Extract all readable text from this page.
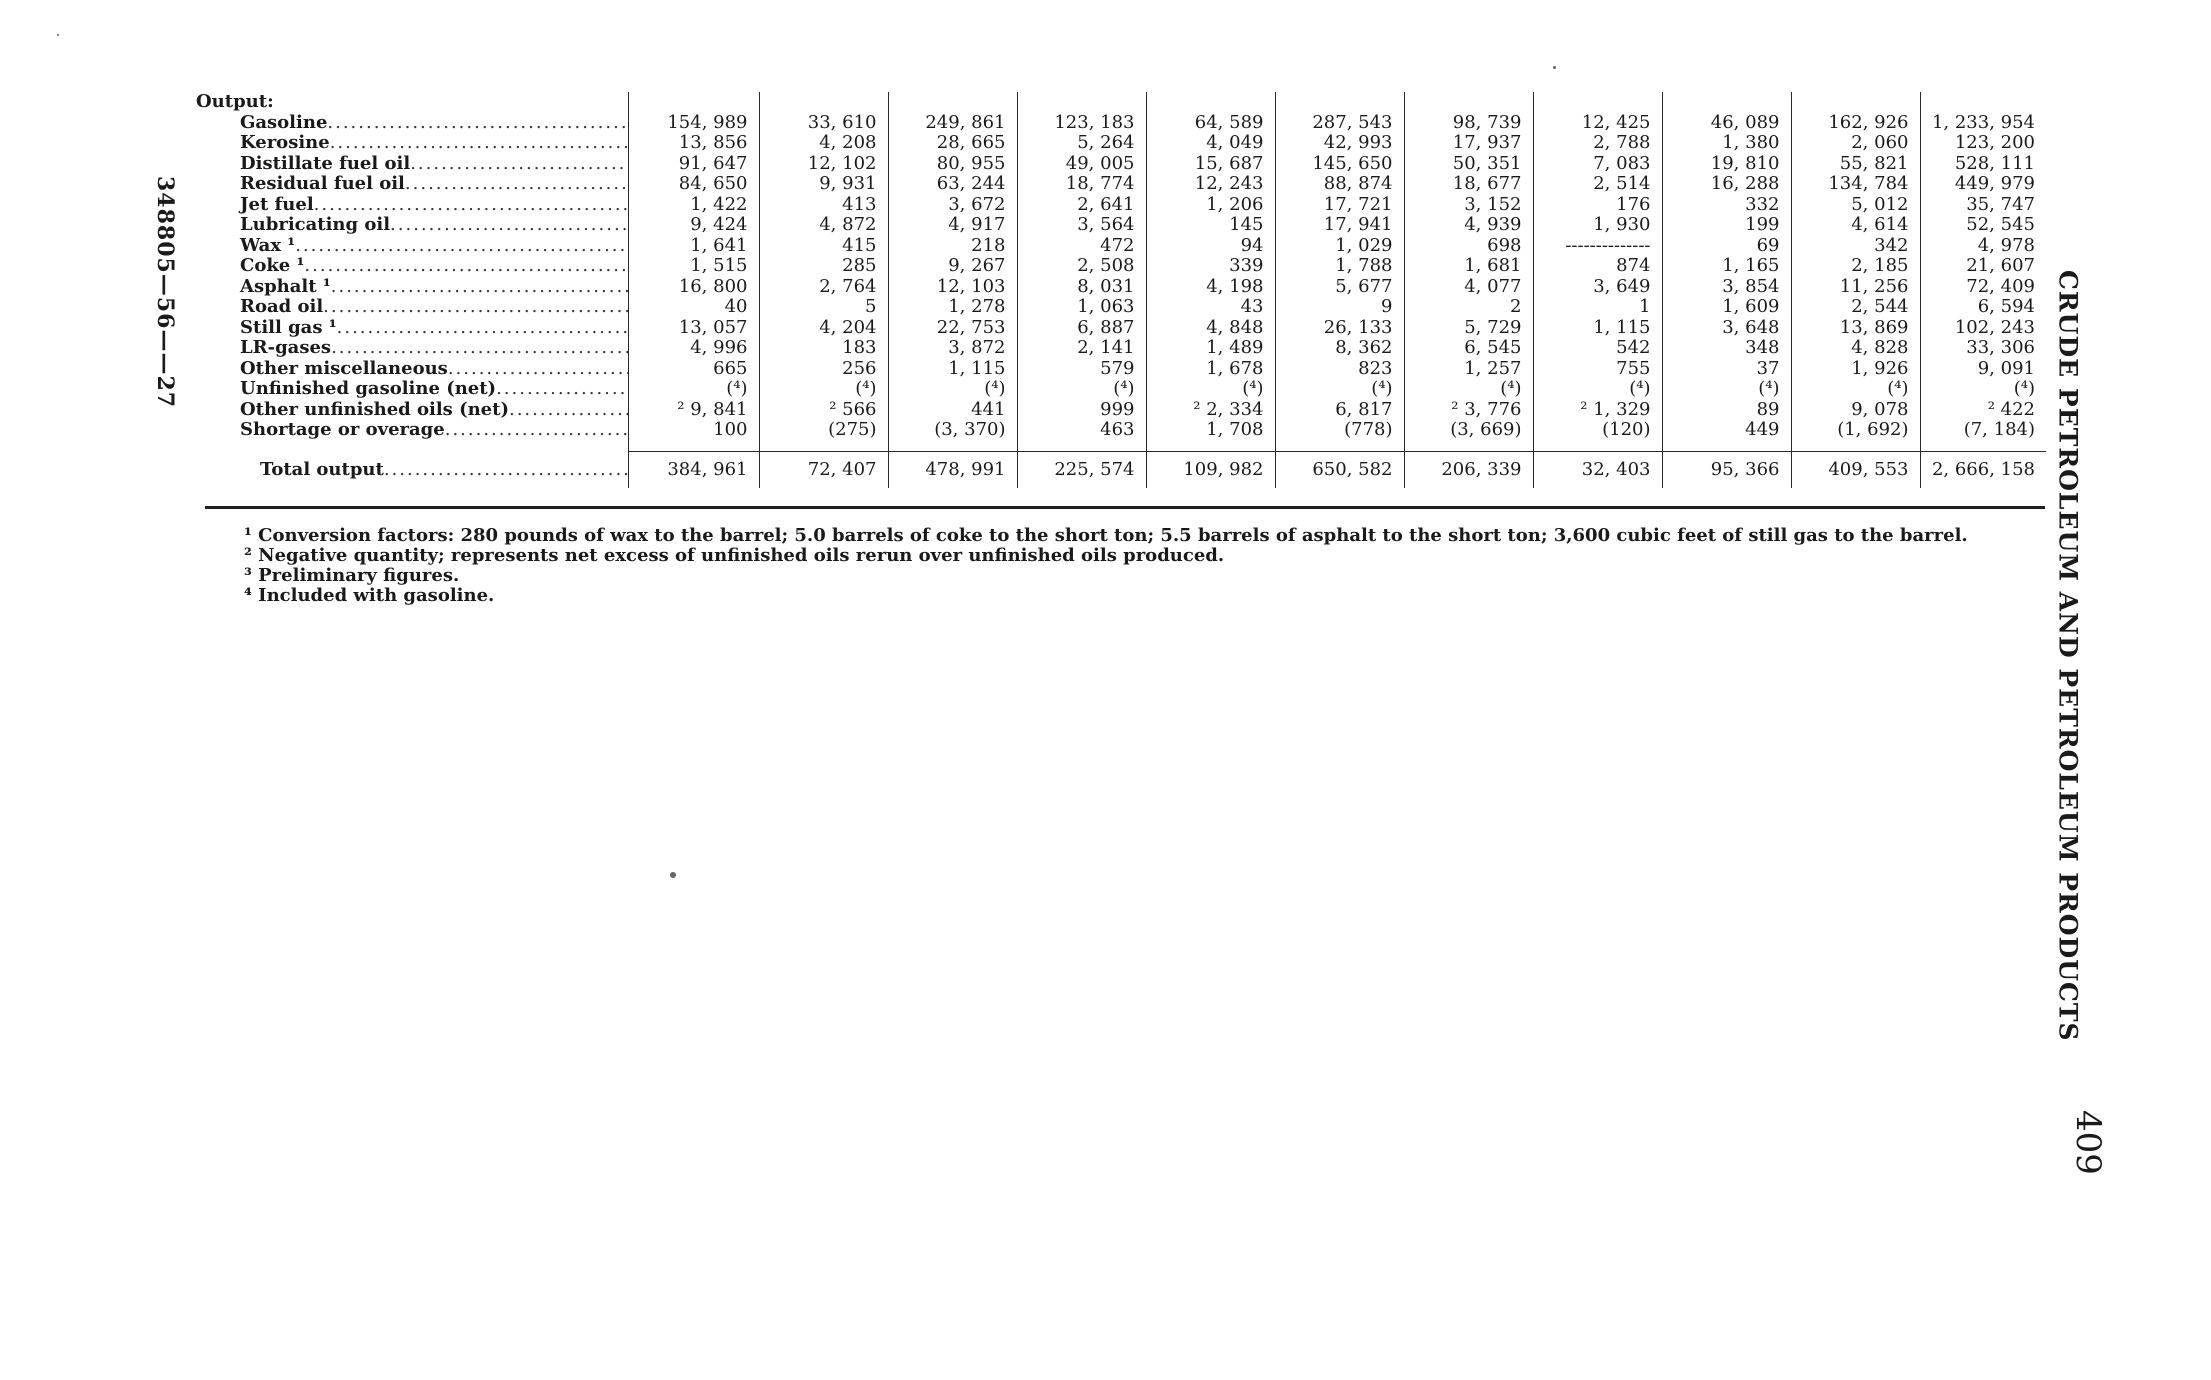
Output:											
Gasoline .....	154, 989	33, 610	249, 861	123, 183	64, 589	287, 543	98, 739	12, 425	46, 089	162, 926	1, 233, 954
Kerosine .....	13, 856	4, 208	28, 665	5, 264	4, 049	42, 993	17, 937	2, 788	1, 380	2, 060	123, 200
Distillate fuel oil .....	91, 647	12, 102	80, 955	49, 005	15, 687	145, 650	50, 351	7, 083	19, 810	55, 821	528, 111
Residual fuel oil .....	84, 650	9, 931	63, 244	18, 774	12, 243	88, 874	18, 677	2, 514	16, 288	134, 784	449, 979
Jet fuel .....	1, 422	413	3, 672	2, 641	1, 206	17, 721	3, 152	176	332	5, 012	35, 747
Lubricating oil .....	9, 424	4, 872	4, 917	3, 564	145	17, 941	4, 939	1, 930	199	4, 614	52, 545
Wax ¹ .....	1, 641	415	218	472	94	1, 029	698	--------------	69	342	4, 978
Coke ¹ .....	1, 515	285	9, 267	2, 508	339	1, 788	1, 681	874	1, 165	2, 185	21, 607
Asphalt ¹ .....	16, 800	2, 764	12, 103	8, 031	4, 198	5, 677	4, 077	3, 649	3, 854	11, 256	72, 409
Road oil .....	40	5	1, 278	1, 063	43	9	2	1	1, 609	2, 544	6, 594
Still gas ¹ .....	13, 057	4, 204	22, 753	6, 887	4, 848	26, 133	5, 729	1, 115	3, 648	13, 869	102, 243
LR-gases .....	4, 996	183	3, 872	2, 141	1, 489	8, 362	6, 545	542	348	4, 828	33, 306
Other miscellaneous .....	665	256	1, 115	579	1, 678	823	1, 257	755	37	1, 926	9, 091
Unfinished gasoline (net) .....	(⁴)	(⁴)	(⁴)	(⁴)	(⁴)	(⁴)	(⁴)	(⁴)	(⁴)	(⁴)	(⁴)
Other unfinished oils (net) .....	² 9, 841	² 566	441	999	² 2, 334	6, 817	² 3, 776	² 1, 329	89	9, 078	² 422
Shortage or overage .....	100	(275)	(3, 370)	463	1, 708	(778)	(3, 669)	(120)	449	(1, 692)	(7, 184)

Total output .....	384, 961	72, 407	478, 991	225, 574	109, 982	650, 582	206, 339	32, 403	95, 366	409, 553	2, 666, 158
¹ Conversion factors: 280 pounds of wax to the barrel; 5.0 barrels of coke to the short ton; 5.5 barrels of asphalt to the short ton; 3,600 cubic feet of still gas to the barrel.
² Negative quantity; represents net excess of unfinished oils rerun over unfinished oils produced.
³ Preliminary figures.
⁴ Included with gasoline.	CRUDE PETROLEUM AND PETROLEUM PRODUCTS
409
348805—56——27
